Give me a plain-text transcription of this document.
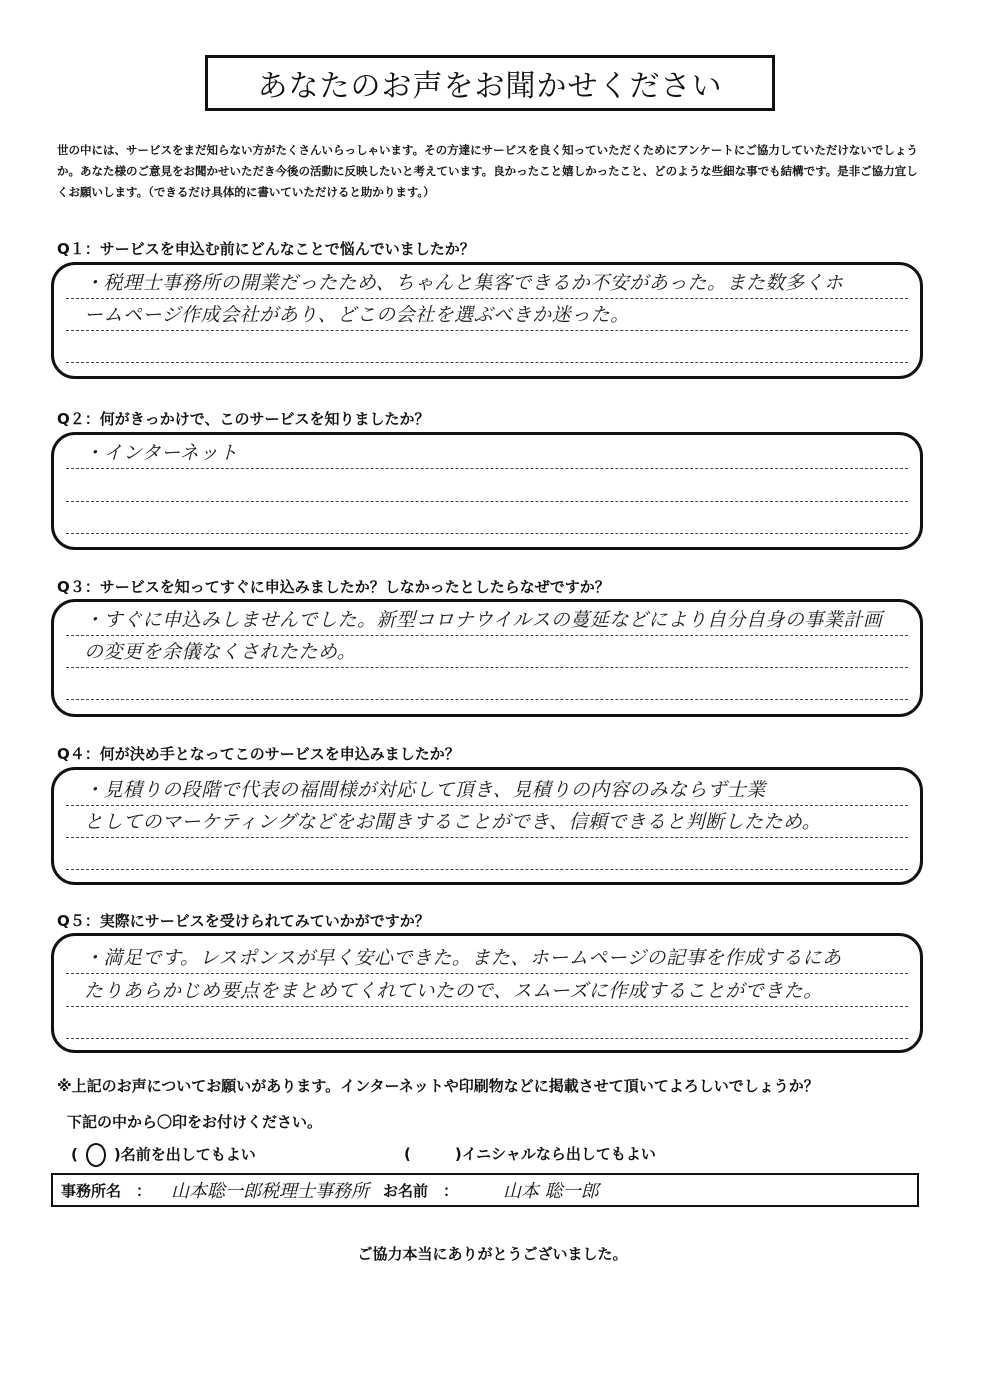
あなたのお声をお聞かせください
世の中には、サービスをまだ知らない方がたくさんいらっしゃいます。その方達にサービスを良く知っていただくためにアンケートにご協力していただけないでしょうか。あなた様のご意見をお聞かせいただき今後の活動に反映したいと考えています。良かったこと嬉しかったこと、どのような些細な事でも結構です。是非ご協力宜しくお願いします。（できるだけ具体的に書いていただけると助かります。）
Q１：サービスを申込む前にどんなことで悩んでいましたか？
・税理士事務所の開業だったため、ちゃんと集客できるか不安があった。また数多くホ
ームページ作成会社があり、どこの会社を選ぶべきか迷った。
Q２：何がきっかけで、このサービスを知りましたか？
・インターネット
Q３：サービスを知ってすぐに申込みましたか？しなかったとしたらなぜですか？
・すぐに申込みしませんでした。新型コロナウイルスの蔓延などにより自分自身の事業計画
の変更を余儀なくされたため。
Q４：何が決め手となってこのサービスを申込みましたか？
・見積りの段階で代表の福間様が対応して頂き、見積りの内容のみならず士業
としてのマーケティングなどをお聞きすることができ、信頼できると判断したため。
Q５：実際にサービスを受けられてみていかがですか？
・満足です。レスポンスが早く安心できた。また、ホームページの記事を作成するにあ
たりあらかじめ要点をまとめてくれていたので、スムーズに作成することができた。
※上記のお声についてお願いがあります。インターネットや印刷物などに掲載させて頂いてよろしいでしょうか？
下記の中から〇印をお付けください。
( )名前を出してもよい	(	)イニシャルなら出してもよい
事務所名　： 山本聡一郎税理士事務所 お名前　： 山本 聡一郎
ご協力本当にありがとうございました。
